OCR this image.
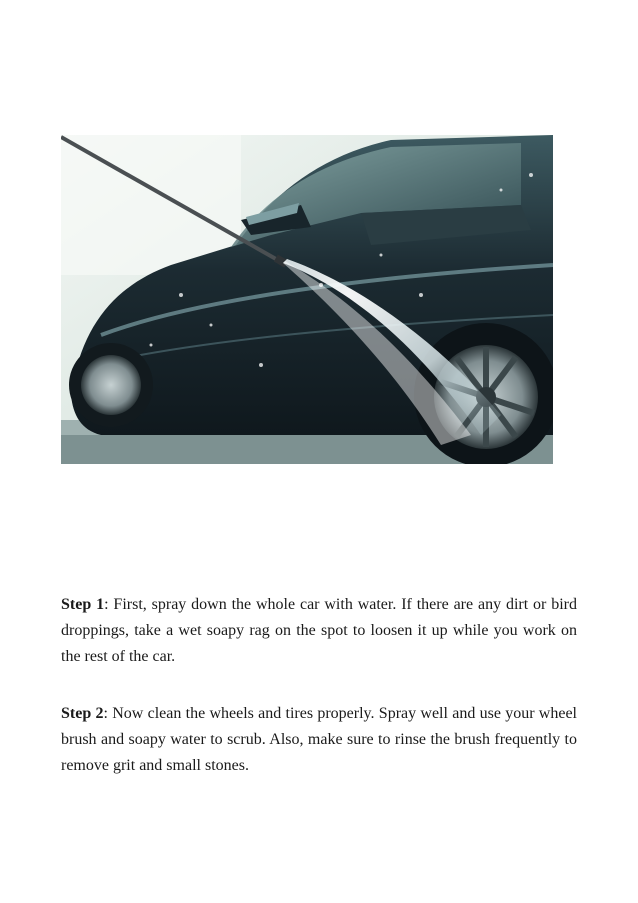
Step 1: First, spray down the whole car with water. If there are any dirt or bird droppings, take a wet soapy rag on the spot to loosen it up while you work on the rest of the car.

Step 2: Now clean the wheels and tires properly. Spray well and use your wheel brush and soapy water to scrub. Also, make sure to rinse the brush frequently to remove grit and small stones.
